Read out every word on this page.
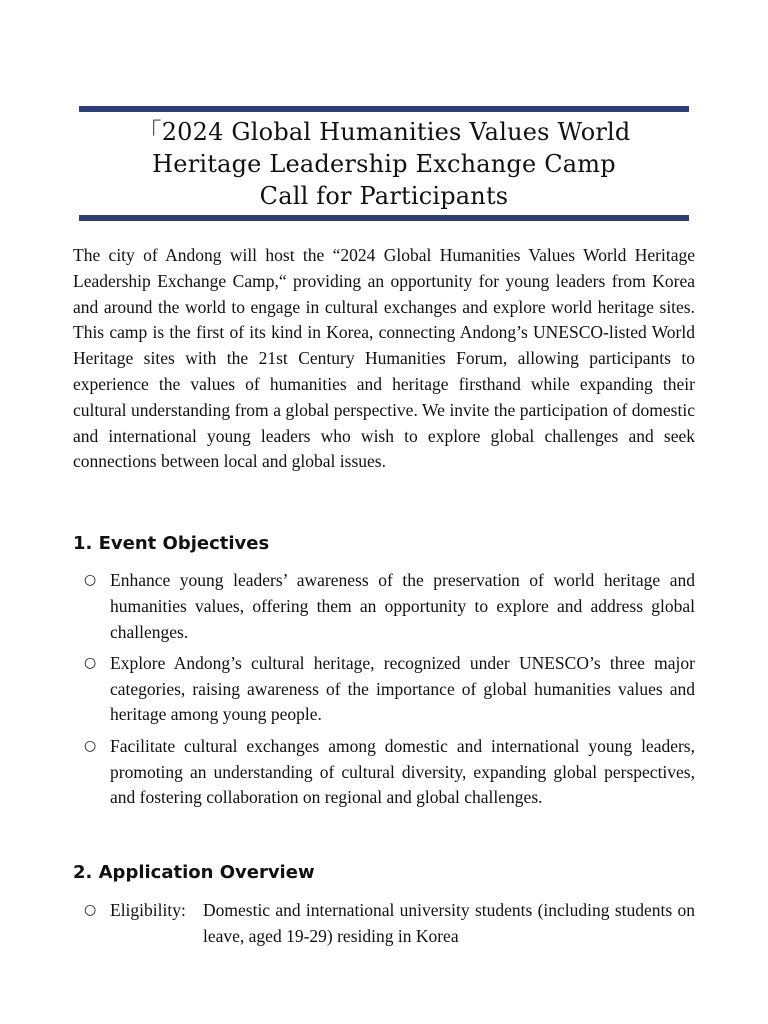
「2024 Global Humanities Values World
Heritage Leadership Exchange Camp
Call for Participants

The city of Andong will host the “2024 Global Humanities Values World Heritage Leadership Exchange Camp,“ providing an opportunity for young leaders from Korea and around the world to engage in cultural exchanges and explore world heritage sites. This camp is the first of its kind in Korea, connecting Andong’s UNESCO-listed World Heritage sites with the 21st Century Humanities Forum, allowing participants to experience the values of humanities and heritage firsthand while expanding their cultural understanding from a global perspective. We invite the participation of domestic and international young leaders who wish to explore global challenges and seek connections between local and global issues.

1. Event Objectives
○ Enhance young leaders’ awareness of the preservation of world heritage and humanities values, offering them an opportunity to explore and address global challenges.
○ Explore Andong’s cultural heritage, recognized under UNESCO’s three major categories, raising awareness of the importance of global humanities values and heritage among young people.
○ Facilitate cultural exchanges among domestic and international young leaders, promoting an understanding of cultural diversity, expanding global perspectives, and fostering collaboration on regional and global challenges.
2. Application Overview
○ Eligibility: Domestic and international university students (including students on leave, aged 19-29) residing in Korea
